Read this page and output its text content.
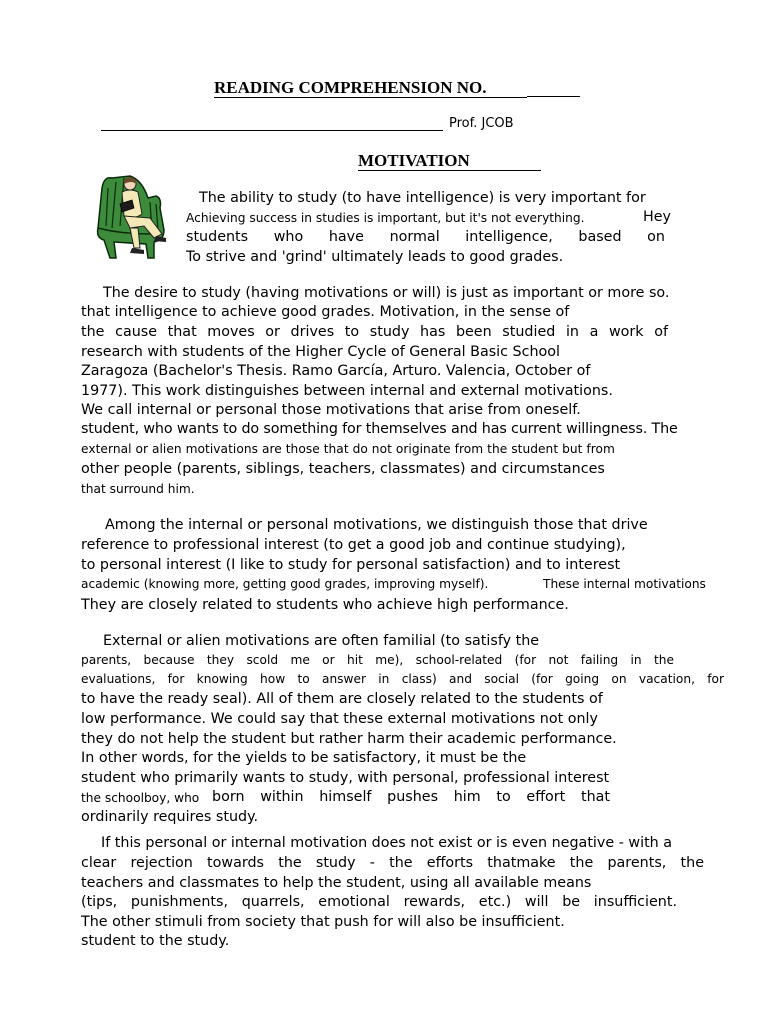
READING COMPREHENSION NO.
Prof. JCOB
MOTIVATION
The ability to study (to have intelligence) is very important for
Achieving success in studies is important, but it's not everything.	Hey
students who have normal intelligence, based on
To strive and 'grind' ultimately leads to good grades.
The desire to study (having motivations or will) is just as important or more so.
that intelligence to achieve good grades. Motivation, in the sense of
the cause that moves or drives to study has been studied in a work of
research with students of the Higher Cycle of General Basic School
Zaragoza (Bachelor's Thesis. Ramo García, Arturo. Valencia, October of
1977). This work distinguishes between internal and external motivations.
We call internal or personal those motivations that arise from oneself.
student, who wants to do something for themselves and has current willingness. The
external or alien motivations are those that do not originate from the student but from
other people (parents, siblings, teachers, classmates) and circumstances
that surround him.
Among the internal or personal motivations, we distinguish those that drive
reference to professional interest (to get a good job and continue studying),
to personal interest (I like to study for personal satisfaction) and to interest
academic (knowing more, getting good grades, improving myself).	These internal motivations
They are closely related to students who achieve high performance.
External or alien motivations are often familial (to satisfy the
parents, because they scold me or hit me), school-related (for not failing in the
evaluations, for knowing how to answer in class) and social (for going on vacation, for
to have the ready seal). All of them are closely related to the students of
low performance. We could say that these external motivations not only
they do not help the student but rather harm their academic performance.
In other words, for the yields to be satisfactory, it must be the
student who primarily wants to study, with personal, professional interest
the schoolboy, who born within himself pushes him to effort that
ordinarily requires study.
If this personal or internal motivation does not exist or is even negative - with a
clear rejection towards the study - the efforts thatmake the parents, the
teachers and classmates to help the student, using all available means
(tips, punishments, quarrels, emotional rewards, etc.) will be insufficient.
The other stimuli from society that push for will also be insufficient.
student to the study.
